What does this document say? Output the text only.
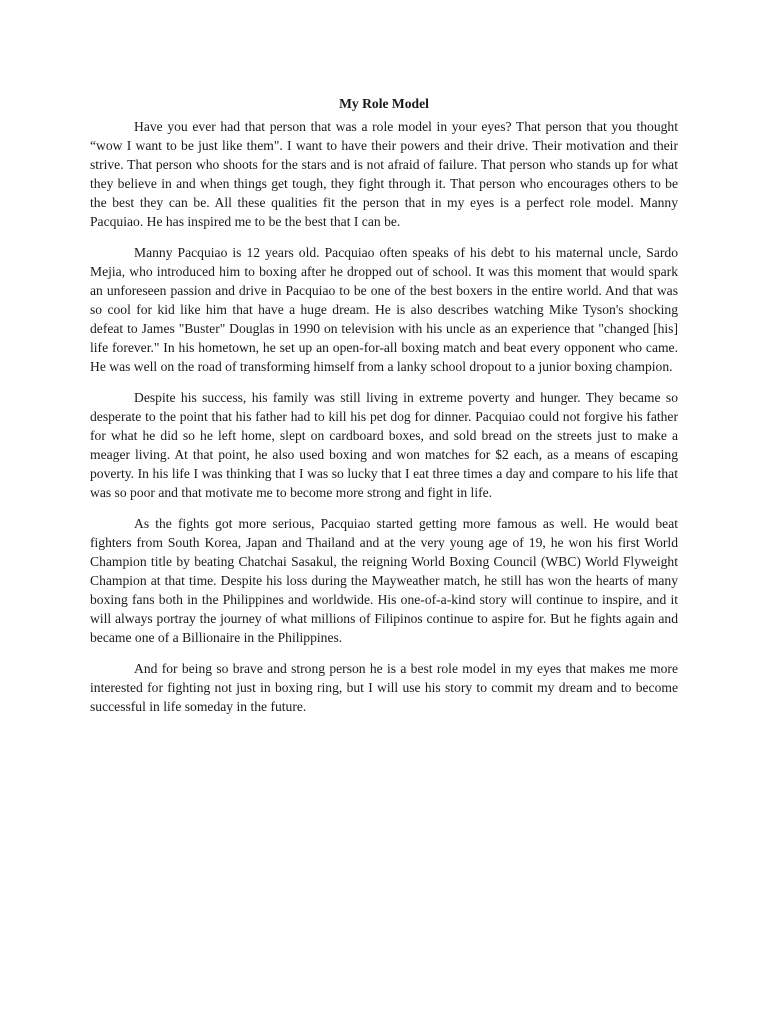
My Role Model

Have you ever had that person that was a role model in your eyes? That person that you thought “wow I want to be just like them". I want to have their powers and their drive. Their motivation and their strive. That person who shoots for the stars and is not afraid of failure. That person who stands up for what they believe in and when things get tough, they fight through it. That person who encourages others to be the best they can be. All these qualities fit the person that in my eyes is a perfect role model. Manny Pacquiao. He has inspired me to be the best that I can be.

Manny Pacquiao is 12 years old. Pacquiao often speaks of his debt to his maternal uncle, Sardo Mejia, who introduced him to boxing after he dropped out of school. It was this moment that would spark an unforeseen passion and drive in Pacquiao to be one of the best boxers in the entire world. And that was so cool for kid like him that have a huge dream. He is also describes watching Mike Tyson's shocking defeat to James "Buster" Douglas in 1990 on television with his uncle as an experience that "changed [his] life forever." In his hometown, he set up an open-for-all boxing match and beat every opponent who came. He was well on the road of transforming himself from a lanky school dropout to a junior boxing champion.

Despite his success, his family was still living in extreme poverty and hunger. They became so desperate to the point that his father had to kill his pet dog for dinner. Pacquiao could not forgive his father for what he did so he left home, slept on cardboard boxes, and sold bread on the streets just to make a meager living. At that point, he also used boxing and won matches for $2 each, as a means of escaping poverty. In his life I was thinking that I was so lucky that I eat three times a day and compare to his life that was so poor and that motivate me to become more strong and fight in life.

As the fights got more serious, Pacquiao started getting more famous as well. He would beat fighters from South Korea, Japan and Thailand and at the very young age of 19, he won his first World Champion title by beating Chatchai Sasakul, the reigning World Boxing Council (WBC) World Flyweight Champion at that time. Despite his loss during the Mayweather match, he still has won the hearts of many boxing fans both in the Philippines and worldwide. His one-of-a-kind story will continue to inspire, and it will always portray the journey of what millions of Filipinos continue to aspire for. But he fights again and became one of a Billionaire in the Philippines.

And for being so brave and strong person he is a best role model in my eyes that makes me more interested for fighting not just in boxing ring, but I will use his story to commit my dream and to become successful in life someday in the future.
